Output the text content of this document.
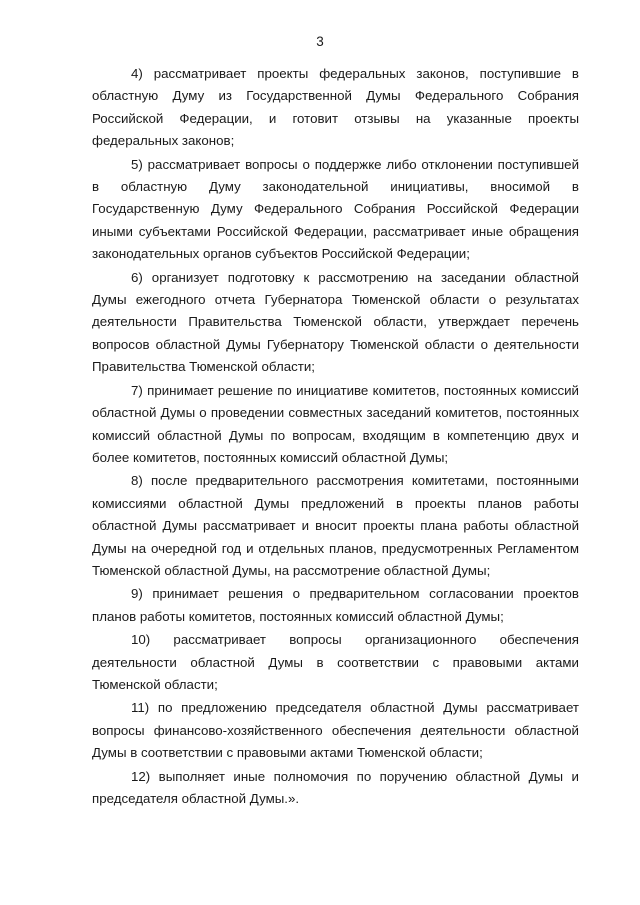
3

4) рассматривает проекты федеральных законов, поступившие в областную Думу из Государственной Думы Федерального Собрания Российской Федерации, и готовит отзывы на указанные проекты федеральных законов;

5) рассматривает вопросы о поддержке либо отклонении поступившей в областную Думу законодательной инициативы, вносимой в Государственную Думу Федерального Собрания Российской Федерации иными субъектами Российской Федерации, рассматривает иные обращения законодательных органов субъектов Российской Федерации;

6) организует подготовку к рассмотрению на заседании областной Думы ежегодного отчета Губернатора Тюменской области о результатах деятельности Правительства Тюменской области, утверждает перечень вопросов областной Думы Губернатору Тюменской области о деятельности Правительства Тюменской области;

7) принимает решение по инициативе комитетов, постоянных комиссий областной Думы о проведении совместных заседаний комитетов, постоянных комиссий областной Думы по вопросам, входящим в компетенцию двух и более комитетов, постоянных комиссий областной Думы;

8) после предварительного рассмотрения комитетами, постоянными комиссиями областной Думы предложений в проекты планов работы областной Думы рассматривает и вносит проекты плана работы областной Думы на очередной год и отдельных планов, предусмотренных Регламентом Тюменской областной Думы, на рассмотрение областной Думы;

9) принимает решения о предварительном согласовании проектов планов работы комитетов, постоянных комиссий областной Думы;

10) рассматривает вопросы организационного обеспечения деятельности областной Думы в соответствии с правовыми актами Тюменской области;

11) по предложению председателя областной Думы рассматривает вопросы финансово-хозяйственного обеспечения деятельности областной Думы в соответствии с правовыми актами Тюменской области;

12) выполняет иные полномочия по поручению областной Думы и председателя областной Думы.».
